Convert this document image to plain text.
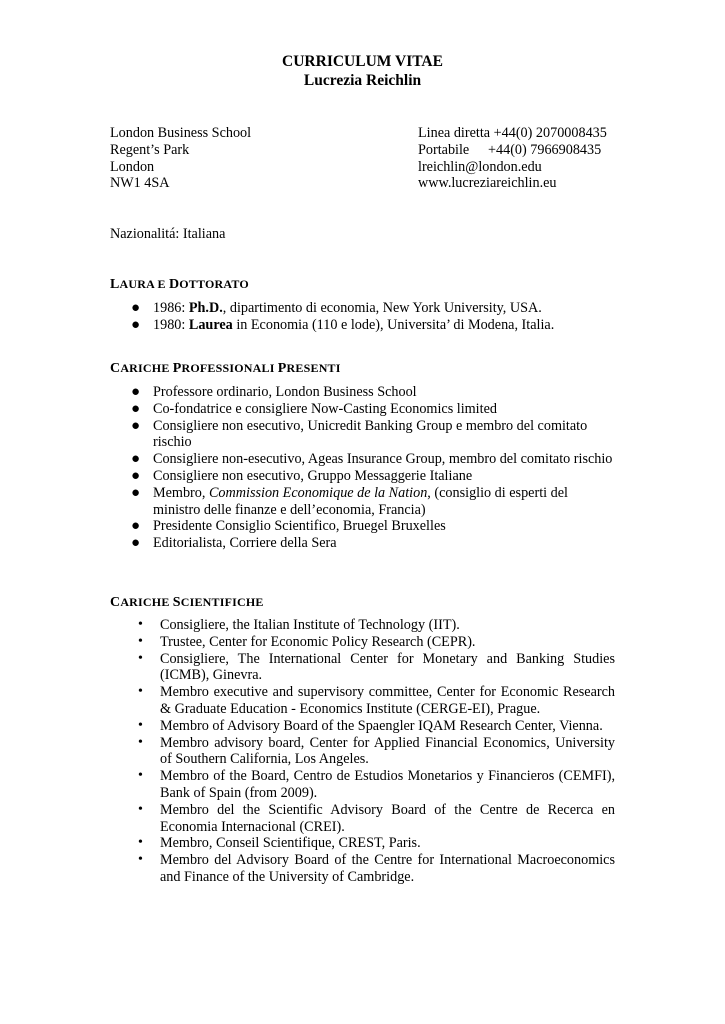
CURRICULUM VITAE
Lucrezia Reichlin
London Business School
Regent’s Park
London
NW1 4SA
Linea diretta +44(0) 2070008435
Portabile +44(0) 7966908435
lreichlin@london.edu
www.lucreziareichlin.eu
Nazionalitá: Italiana
LAURA E DOTTORATO
● 1986: Ph.D., dipartimento di economia, New York University, USA.
● 1980: Laurea in Economia (110 e lode), Universita’ di Modena, Italia.
CARICHE PROFESSIONALI PRESENTI
● Professore ordinario, London Business School
● Co-fondatrice e consigliere Now-Casting Economics limited
● Consigliere non esecutivo, Unicredit Banking Group e membro del comitato rischio
● Consigliere non-esecutivo, Ageas Insurance Group, membro del comitato rischio
● Consigliere non esecutivo, Gruppo Messaggerie Italiane
● Membro, Commission Economique de la Nation, (consiglio di esperti del ministro delle finanze e dell’economia, Francia)
● Presidente Consiglio Scientifico, Bruegel Bruxelles
● Editorialista, Corriere della Sera
CARICHE SCIENTIFICHE
• Consigliere, the Italian Institute of Technology (IIT).
• Trustee, Center for Economic Policy Research (CEPR).
• Consigliere, The International Center for Monetary and Banking Studies (ICMB), Ginevra.
• Membro executive and supervisory committee, Center for Economic Research & Graduate Education - Economics Institute (CERGE-EI), Prague.
• Membro of Advisory Board of the Spaengler IQAM Research Center, Vienna.
• Membro advisory board, Center for Applied Financial Economics, University of Southern California, Los Angeles.
• Membro of the Board, Centro de Estudios Monetarios y Financieros (CEMFI), Bank of Spain (from 2009).
• Membro del the Scientific Advisory Board of the Centre de Recerca en Economia Internacional (CREI).
• Membro, Conseil Scientifique, CREST, Paris.
• Membro del Advisory Board of the Centre for International Macroeconomics and Finance of the University of Cambridge.
